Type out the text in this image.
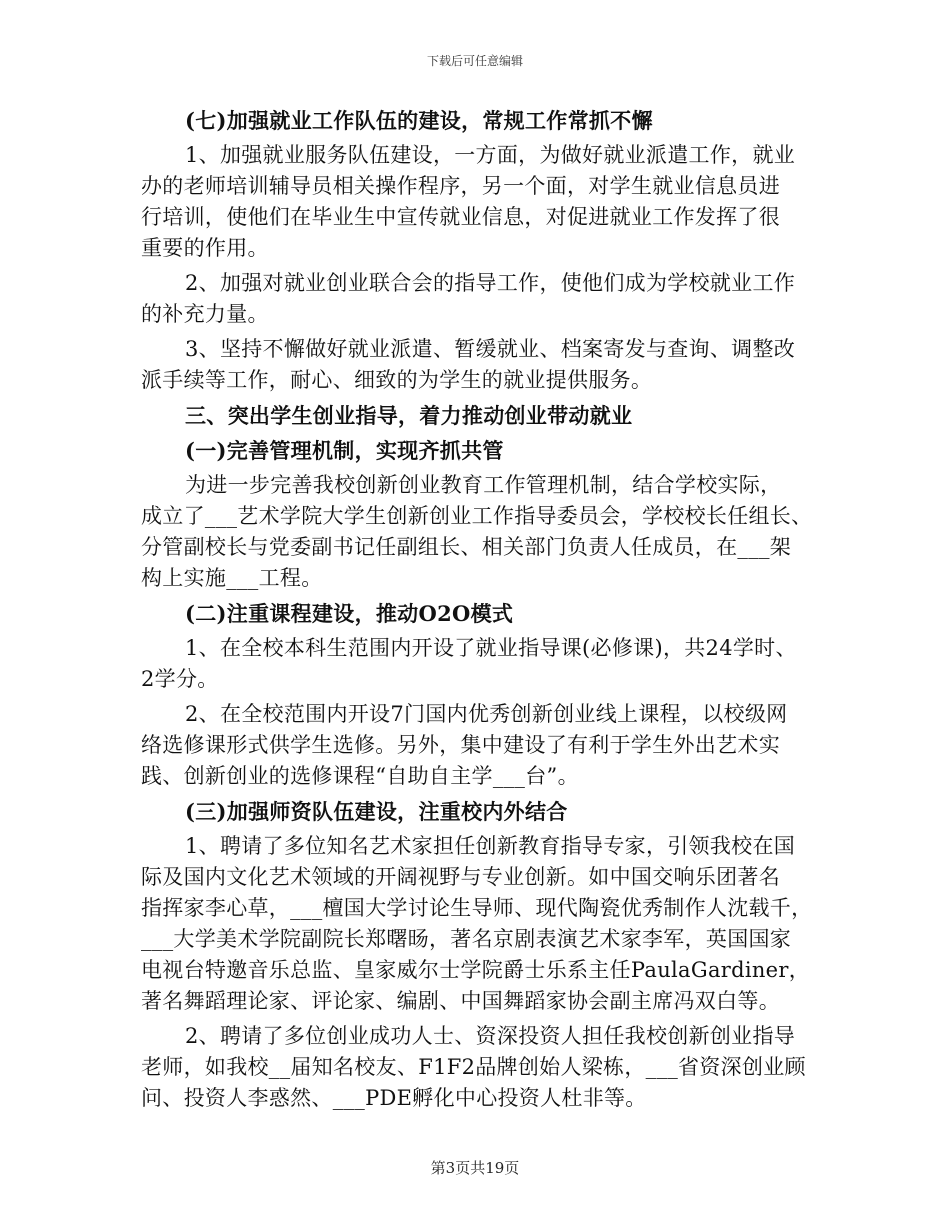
下载后可任意编辑
(七)加强就业工作队伍的建设，常规工作常抓不懈
1、加强就业服务队伍建设，一方面，为做好就业派遣工作，就业
办的老师培训辅导员相关操作程序，另一个面，对学生就业信息员进
行培训，使他们在毕业生中宣传就业信息，对促进就业工作发挥了很
重要的作用。
2、加强对就业创业联合会的指导工作，使他们成为学校就业工作
的补充力量。
3、坚持不懈做好就业派遣、暂缓就业、档案寄发与查询、调整改
派手续等工作，耐心、细致的为学生的就业提供服务。
三、突出学生创业指导，着力推动创业带动就业
(一)完善管理机制，实现齐抓共管
为进一步完善我校创新创业教育工作管理机制，结合学校实际，
成立了___艺术学院大学生创新创业工作指导委员会，学校校长任组长、
分管副校长与党委副书记任副组长、相关部门负责人任成员，在___架
构上实施___工程。
(二)注重课程建设，推动O2O模式
1、在全校本科生范围内开设了就业指导课(必修课)，共24学时、
2学分。
2、在全校范围内开设7门国内优秀创新创业线上课程，以校级网
络选修课形式供学生选修。另外，集中建设了有利于学生外出艺术实
践、创新创业的选修课程“自助自主学___台”。
(三)加强师资队伍建设，注重校内外结合
1、聘请了多位知名艺术家担任创新教育指导专家，引领我校在国
际及国内文化艺术领域的开阔视野与专业创新。如中国交响乐团著名
指挥家李心草，___檀国大学讨论生导师、现代陶瓷优秀制作人沈载千，
___大学美术学院副院长郑曙旸，著名京剧表演艺术家李军，英国国家
电视台特邀音乐总监、皇家威尔士学院爵士乐系主任PaulaGardiner，
著名舞蹈理论家、评论家、编剧、中国舞蹈家协会副主席冯双白等。
2、聘请了多位创业成功人士、资深投资人担任我校创新创业指导
老师，如我校__届知名校友、F1F2品牌创始人梁栋，___省资深创业顾
问、投资人李惑然、___PDE孵化中心投资人杜非等。
第3页共19页
